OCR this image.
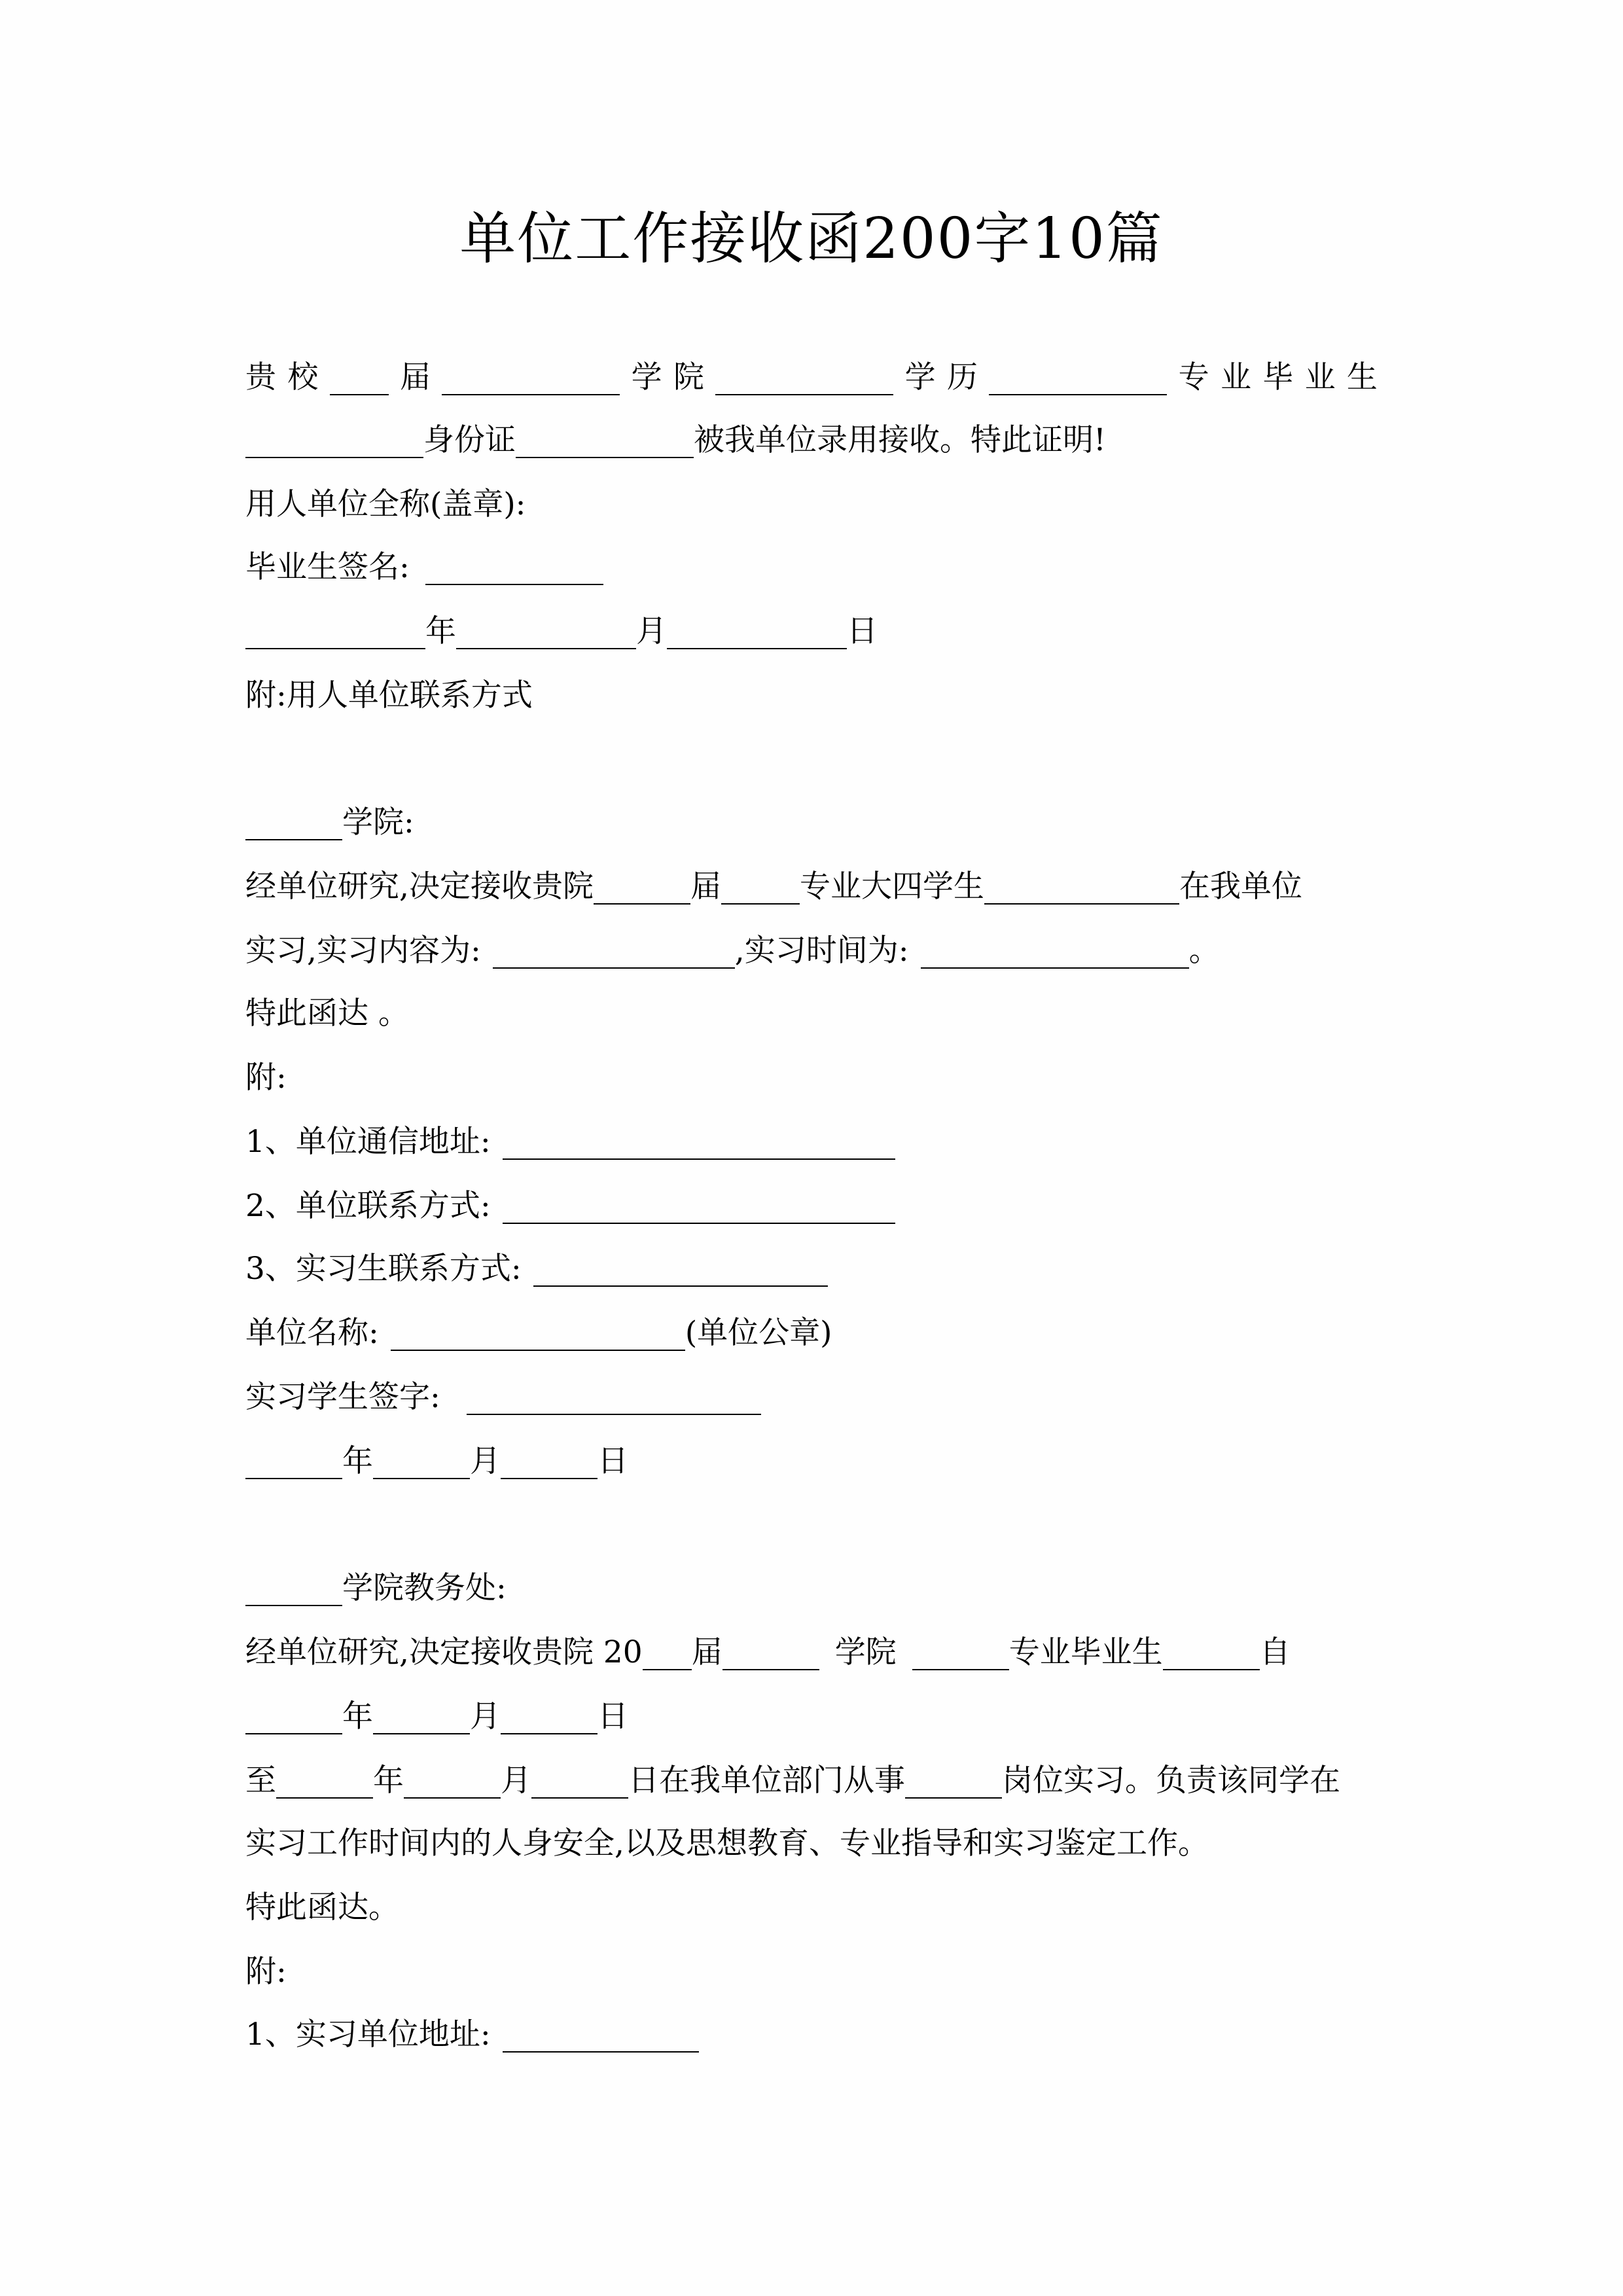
单位工作接收函200字10篇
贵 校	届	学 院	学 历	专 业 毕 业 生
身份证	被我单位录用接收。特此证明!
用人单位全称(盖章):
毕业生签名:
年	月	日
附:用人单位联系方式
学院:
经单位研究,决定接收贵院	届	专业大四学生	在我单位
实习,实习内容为:	,实习时间为:	。
特此函达 。
附:
1、单位通信地址:
2、单位联系方式:
3、实习生联系方式:
单位名称:	(单位公章)
实习学生签字:
年	月	日
学院教务处:
经单位研究,决定接收贵院 20 届	学院	专业毕业生	自
年	月	日
至	年	月	日在我单位部门从事	岗位实习。负责该同学在
实习工作时间内的人身安全,以及思想教育、专业指导和实习鉴定工作。
特此函达。
附:
1、实习单位地址:
